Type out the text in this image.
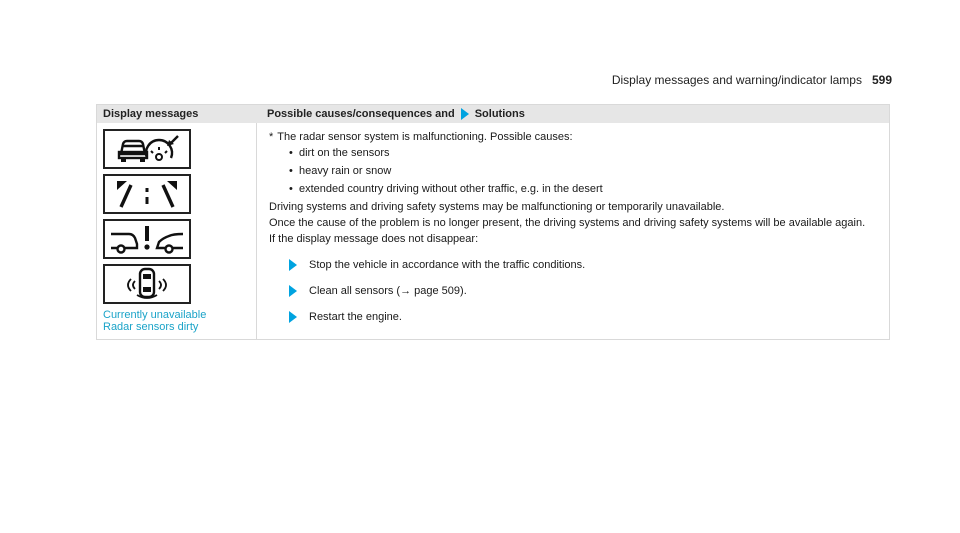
Display messages and warning/indicator lamps 599
Display messages	Possible causes/consequences and Solutions
Currently unavailable
Radar sensors dirty
* The radar sensor system is malfunctioning. Possible causes:
• dirt on the sensors
• heavy rain or snow
• extended country driving without other traffic, e.g. in the desert
Driving systems and driving safety systems may be malfunctioning or temporarily unavailable.
Once the cause of the problem is no longer present, the driving systems and driving safety systems will be available again.
If the display message does not disappear:
Stop the vehicle in accordance with the traffic conditions.
Clean all sensors (→ page 509).
Restart the engine.
